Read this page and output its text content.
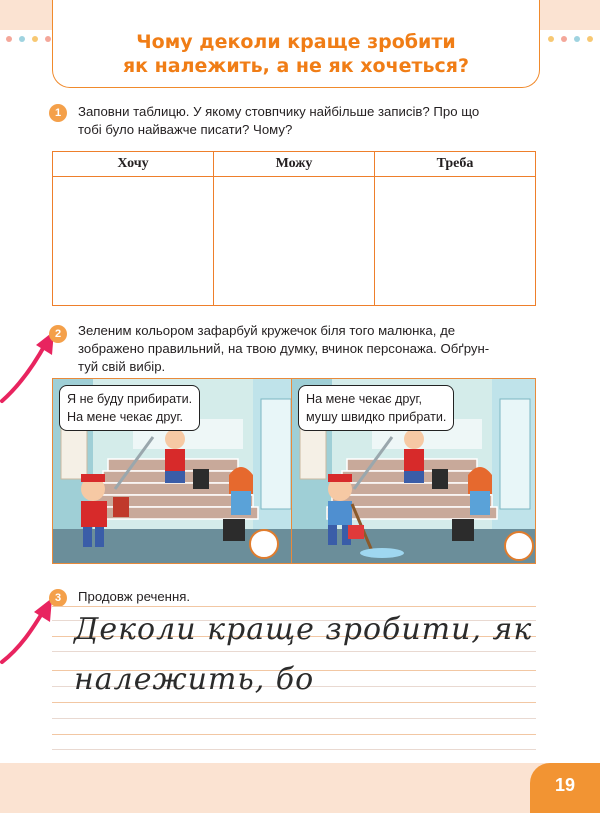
Чому деколи краще зробити
як належить, а не як хочеться?
1	Заповни таблицю. У якому стовпчику найбільше записів? Про що
тобі було найважче писати? Чому?
Хочу	Можу	Треба

2	Зеленим кольором зафарбуй кружечок біля того малюнка, де
зображено правильний, на твою думку, вчинок персонажа. Обґрун-
туй свій вибір.
Я не буду прибирати.
На мене чекає друг.
На мене чекає друг,
мушу швидко прибрати.
3	Продовж речення.
Деколи краще зробити, як
належить, бо
19
